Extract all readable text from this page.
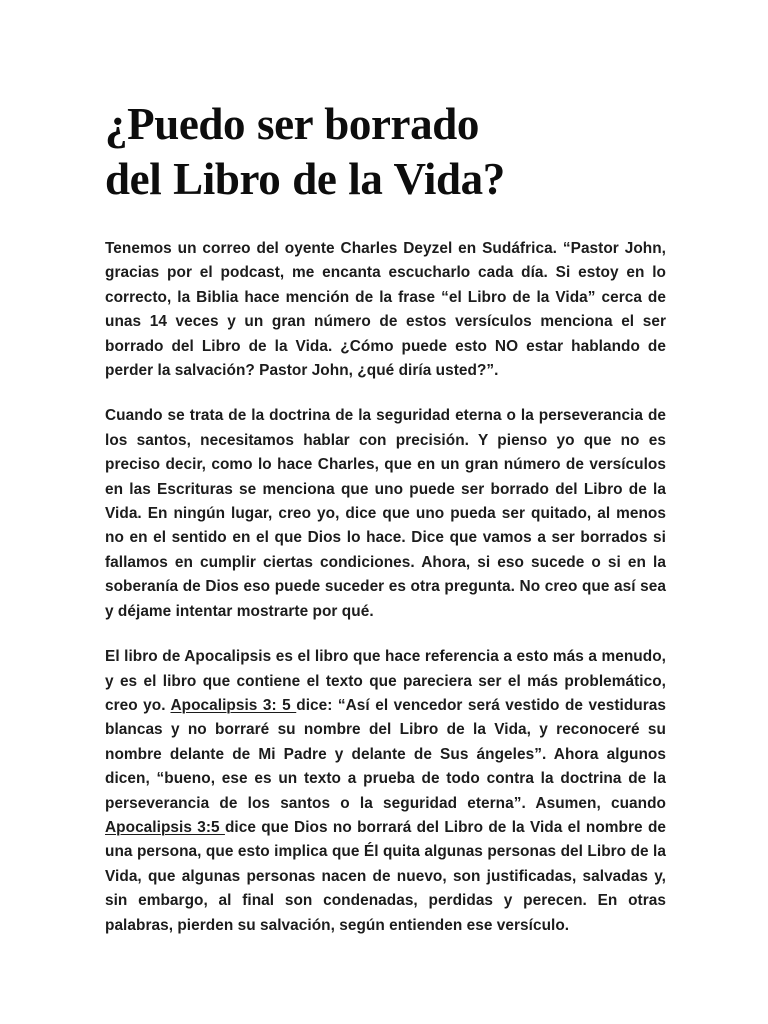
¿Puedo ser borrado
del Libro de la Vida?

Tenemos un correo del oyente Charles Deyzel en Sudáfrica. “Pastor John, gracias por el podcast, me encanta escucharlo cada día. Si estoy en lo correcto, la Biblia hace mención de la frase “el Libro de la Vida” cerca de unas 14 veces y un gran número de estos versículos menciona el ser borrado del Libro de la Vida. ¿Cómo puede esto NO estar hablando de perder la salvación? Pastor John, ¿qué diría usted?”.

Cuando se trata de la doctrina de la seguridad eterna o la perseverancia de los santos, necesitamos hablar con precisión. Y pienso yo que no es preciso decir, como lo hace Charles, que en un gran número de versículos en las Escrituras se menciona que uno puede ser borrado del Libro de la Vida. En ningún lugar, creo yo, dice que uno pueda ser quitado, al menos no en el sentido en el que Dios lo hace. Dice que vamos a ser borrados si fallamos en cumplir ciertas condiciones. Ahora, si eso sucede o si en la soberanía de Dios eso puede suceder es otra pregunta. No creo que así sea y déjame intentar mostrarte por qué.

El libro de Apocalipsis es el libro que hace referencia a esto más a menudo, y es el libro que contiene el texto que pareciera ser el más problemático, creo yo. Apocalipsis 3: 5 dice: “Así el vencedor será vestido de vestiduras blancas y no borraré su nombre del Libro de la Vida, y reconoceré su nombre delante de Mi Padre y delante de Sus ángeles”. Ahora algunos dicen, “bueno, ese es un texto a prueba de todo contra la doctrina de la perseverancia de los santos o la seguridad eterna”. Asumen, cuando Apocalipsis 3:5 dice que Dios no borrará del Libro de la Vida el nombre de una persona, que esto implica que Él quita algunas personas del Libro de la Vida, que algunas personas nacen de nuevo, son justificadas, salvadas y, sin embargo, al final son condenadas, perdidas y perecen. En otras palabras, pierden su salvación, según entienden ese versículo.
